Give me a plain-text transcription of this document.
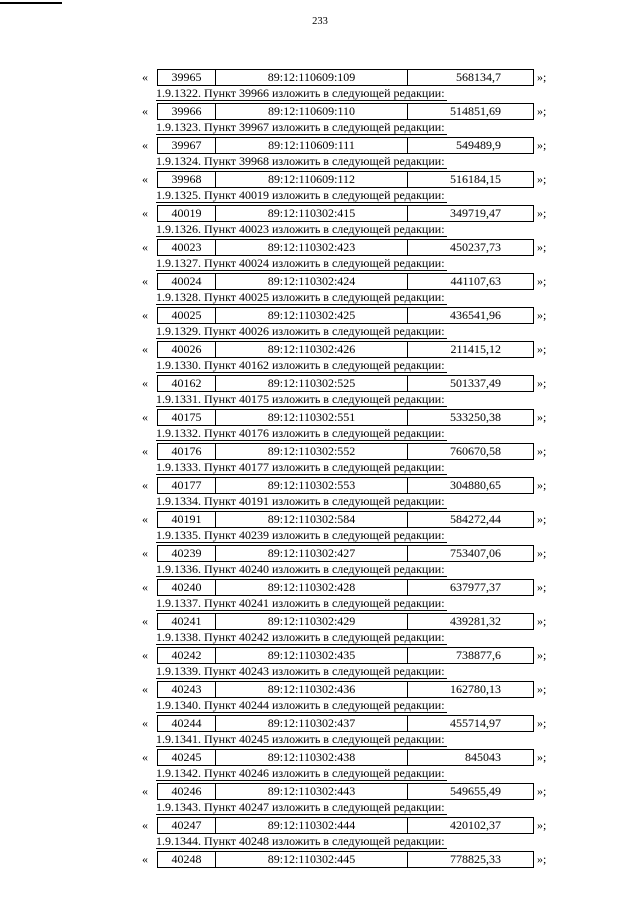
233
«	39965	89:12:110609:109	568134,7	»;
1.9.1322. Пункт 39966 изложить в следующей редакции:
«	39966	89:12:110609:110	514851,69	»;
1.9.1323. Пункт 39967 изложить в следующей редакции:
«	39967	89:12:110609:111	549489,9	»;
1.9.1324. Пункт 39968 изложить в следующей редакции:
«	39968	89:12:110609:112	516184,15	»;
1.9.1325. Пункт 40019 изложить в следующей редакции:
«	40019	89:12:110302:415	349719,47	»;
1.9.1326. Пункт 40023 изложить в следующей редакции:
«	40023	89:12:110302:423	450237,73	»;
1.9.1327. Пункт 40024 изложить в следующей редакции:
«	40024	89:12:110302:424	441107,63	»;
1.9.1328. Пункт 40025 изложить в следующей редакции:
«	40025	89:12:110302:425	436541,96	»;
1.9.1329. Пункт 40026 изложить в следующей редакции:
«	40026	89:12:110302:426	211415,12	»;
1.9.1330. Пункт 40162 изложить в следующей редакции:
«	40162	89:12:110302:525	501337,49	»;
1.9.1331. Пункт 40175 изложить в следующей редакции:
«	40175	89:12:110302:551	533250,38	»;
1.9.1332. Пункт 40176 изложить в следующей редакции:
«	40176	89:12:110302:552	760670,58	»;
1.9.1333. Пункт 40177 изложить в следующей редакции:
«	40177	89:12:110302:553	304880,65	»;
1.9.1334. Пункт 40191 изложить в следующей редакции:
«	40191	89:12:110302:584	584272,44	»;
1.9.1335. Пункт 40239 изложить в следующей редакции:
«	40239	89:12:110302:427	753407,06	»;
1.9.1336. Пункт 40240 изложить в следующей редакции:
«	40240	89:12:110302:428	637977,37	»;
1.9.1337. Пункт 40241 изложить в следующей редакции:
«	40241	89:12:110302:429	439281,32	»;
1.9.1338. Пункт 40242 изложить в следующей редакции:
«	40242	89:12:110302:435	738877,6	»;
1.9.1339. Пункт 40243 изложить в следующей редакции:
«	40243	89:12:110302:436	162780,13	»;
1.9.1340. Пункт 40244 изложить в следующей редакции:
«	40244	89:12:110302:437	455714,97	»;
1.9.1341. Пункт 40245 изложить в следующей редакции:
«	40245	89:12:110302:438	845043	»;
1.9.1342. Пункт 40246 изложить в следующей редакции:
«	40246	89:12:110302:443	549655,49	»;
1.9.1343. Пункт 40247 изложить в следующей редакции:
«	40247	89:12:110302:444	420102,37	»;
1.9.1344. Пункт 40248 изложить в следующей редакции:
«	40248	89:12:110302:445	778825,33	»;
